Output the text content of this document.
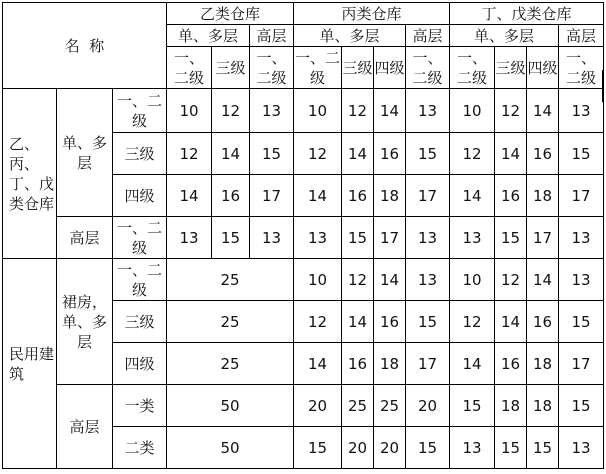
名  称			乙类仓库			丙类仓库				丁、戊类仓库			
			单、多层		高层	单、多层			高层	单、多层			高层
			一、二级	三级	一、二级	一、二级	三级	四级	一、二级	一、二级	三级	四级	一、二级
乙、丙、丁、戊类仓库	单、多层	一、二级	10	12	13	10	12	14	13	10	12	14	13
		三级	12	14	15	12	14	16	15	12	14	16	15
		四级	14	16	17	14	16	18	17	14	16	18	17
	高层	一、二级	13	15	13	13	15	17	13	13	15	17	13
民用建筑	裙房，单、多层	一、二级	25			10	12	14	13	10	12	14	13
		三级	25			12	14	16	15	12	14	16	15
		四级	25			14	16	18	17	14	16	18	17
	高层	一类	50			20	25	25	20	15	18	18	15
		二类	50			15	20	20	15	13	15	15	13
